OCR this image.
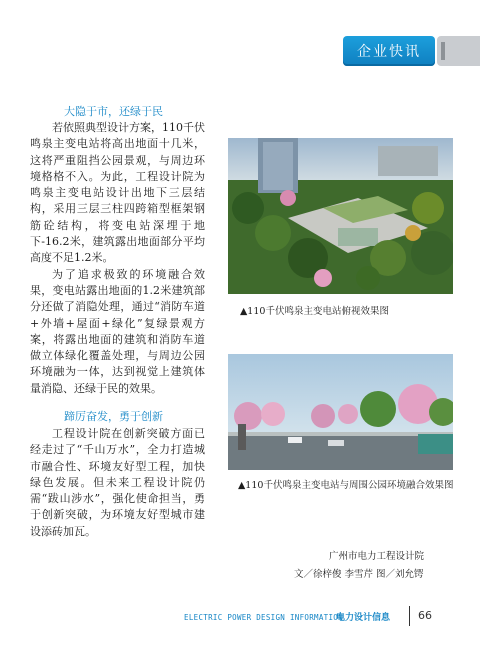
企业快讯
大隐于市，还绿于民

若依照典型设计方案，110千伏鸣泉主变电站将高出地面十几米，这将严重阻挡公园景观，与周边环境格格不入。为此，工程设计院为鸣泉主变电站设计出地下三层结构，采用三层三柱四跨箱型框架钢筋砼结构，将变电站深埋于地下-16.2米，建筑露出地面部分平均高度不足1.2米。

为了追求极致的环境融合效果，变电站露出地面的1.2米建筑部分还做了消隐处理，通过“消防车道+外墙+屋面+绿化”复绿景观方案，将露出地面的建筑和消防车道做立体绿化覆盖处理，与周边公园环境融为一体，达到视觉上建筑体量消隐、还绿于民的效果。

蹄厉奋发，勇于创新

工程设计院在创新突破方面已经走过了“千山万水”，全力打造城市融合性、环境友好型工程，加快绿色发展。但未来工程设计院仍需“跋山涉水”，强化使命担当，勇于创新突破，为环境友好型城市建设添砖加瓦。

▲110千伏鸣泉主变电站俯视效果图
▲110千伏鸣泉主变电站与周围公园环境融合效果图
广州市电力工程设计院
文／徐梓俊 李雪芹 图／刘允锷
ELECTRIC POWER DESIGN INFORMATION
电力设计信息	66
